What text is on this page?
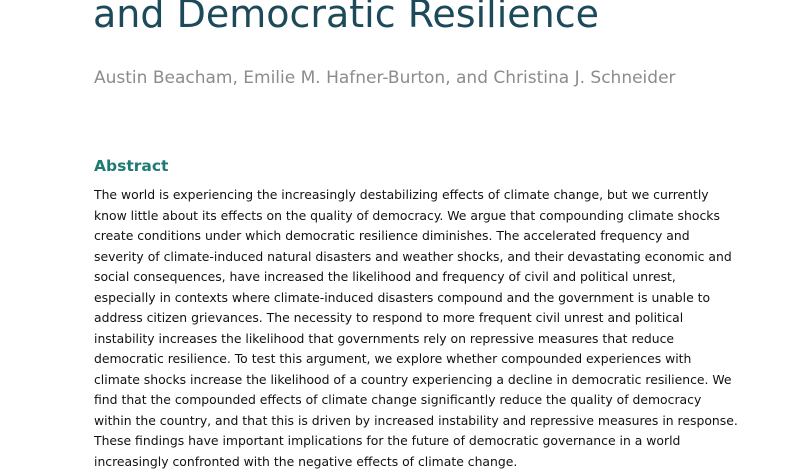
and Democratic Resilience

Austin Beacham, Emilie M. Hafner-Burton, and Christina J. Schneider

Abstract
The world is experiencing the increasingly destabilizing effects of climate change, but we currently
know little about its effects on the quality of democracy. We argue that compounding climate shocks
create conditions under which democratic resilience diminishes. The accelerated frequency and
severity of climate-induced natural disasters and weather shocks, and their devastating economic and
social consequences, have increased the likelihood and frequency of civil and political unrest,
especially in contexts where climate-induced disasters compound and the government is unable to
address citizen grievances. The necessity to respond to more frequent civil unrest and political
instability increases the likelihood that governments rely on repressive measures that reduce
democratic resilience. To test this argument, we explore whether compounded experiences with
climate shocks increase the likelihood of a country experiencing a decline in democratic resilience. We
find that the compounded effects of climate change significantly reduce the quality of democracy
within the country, and that this is driven by increased instability and repressive measures in response.
These findings have important implications for the future of democratic governance in a world
increasingly confronted with the negative effects of climate change.
